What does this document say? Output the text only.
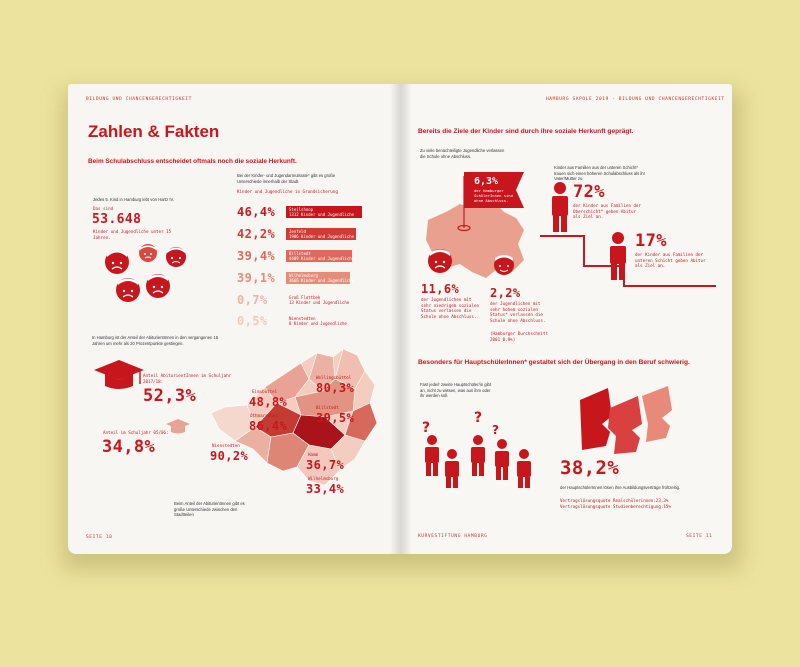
BILDUNG UND CHANCENGERECHTIGKEIT
Zahlen & Fakten
Beim Schulabschluss entscheidet oftmals noch die soziale Herkunft.
Jedes 5. Kind in Hamburg lebt von Hartz IV.
Das sind
53.648
Kinder und Jugendliche unter 15 Jahren.
Bei der Kinder- und Jugendarmutsrate* gibt es große Unterschiede innerhalb der Stadt.
Kinder und Jugendliche in Grundsicherung
46,4%
42,2%
39,4%
39,1%
0,7%
0,5%
Steilshoop
1312 Kinder und Jugendliche
Jenfeld
1906 Kinder und Jugendliche
Billstedt
4409 Kinder und Jugendliche
Wilhelmsburg
3666 Kinder und Jugendliche
Groß Flottbek
13 Kinder und Jugendliche
Nienstedten
8 Kinder und Jugendliche
In Hamburg ist der Anteil der AbiturientInnen in den vergangenen 15 Jahren um mehr als 20 Prozentpunkte gestiegen.
Anteil AbiturientInnen im Schuljahr 2017/18:
52,3%
Anteil im Schuljahr 05/06:
34,8%
Eimsbüttel
48,8%
Wellingsbüttel
80,3%
Othmarschen
86,4%
Billstedt
39,5%
Nienstedten
90,2%	Hamm
36,7%
Wilhelmsburg
33,4%
Beim Anteil der AbiturientInnen gibt es große Unterschiede zwischen den Stadtteilen
SEITE 10
HAMBURG SAPOLE 2019 · BILDUNG UND CHANCENGERECHTIGKEIT
Bereits die Ziele der Kinder sind durch ihre soziale Herkunft geprägt.
Zu viele benachteiligte Jugendliche verlassen die Schule ohne Abschluss.
6,3%
der Hamburger SchülerInnen sind ohne Abschluss.
11,6%
der Jugendlichen mit sehr niedrigem sozialen Status verlassen die Schule ohne Abschluss.
2,2%
der Jugendlichen mit sehr hohem sozialen Status* verlassen die Schule ohne Abschluss.
(Hamburger Durchschnitt 2001 0,9%)
Kinder aus Familien aus der unteren Schicht* trauen sich einen höheren Schulabschluss als ihr Vater/Mutter zu.
72%
der Kinder aus Familien der Oberschicht* geben Abitur als Ziel an.
17%
der Kinder aus Familien der unteren Schicht geben Abitur als Ziel an.
Besonders für HauptschülerInnen* gestaltet sich der Übergang in den Beruf schwierig.
Fast jede/r zweite Hauptschüler/in gibt an, nicht zu wissen, was aus ihm oder ihr werden soll.
?
?
?
38,2%
der HauptschülerInnen lösen ihre Ausbildungsverträge frühzeitig.
Vertragslösungsquote Realschülerinnen:23,3%
Vertragslösungsquote Studienberechtigung:15%
KURVESTIFTUNG HAMBURG	SEITE 11
